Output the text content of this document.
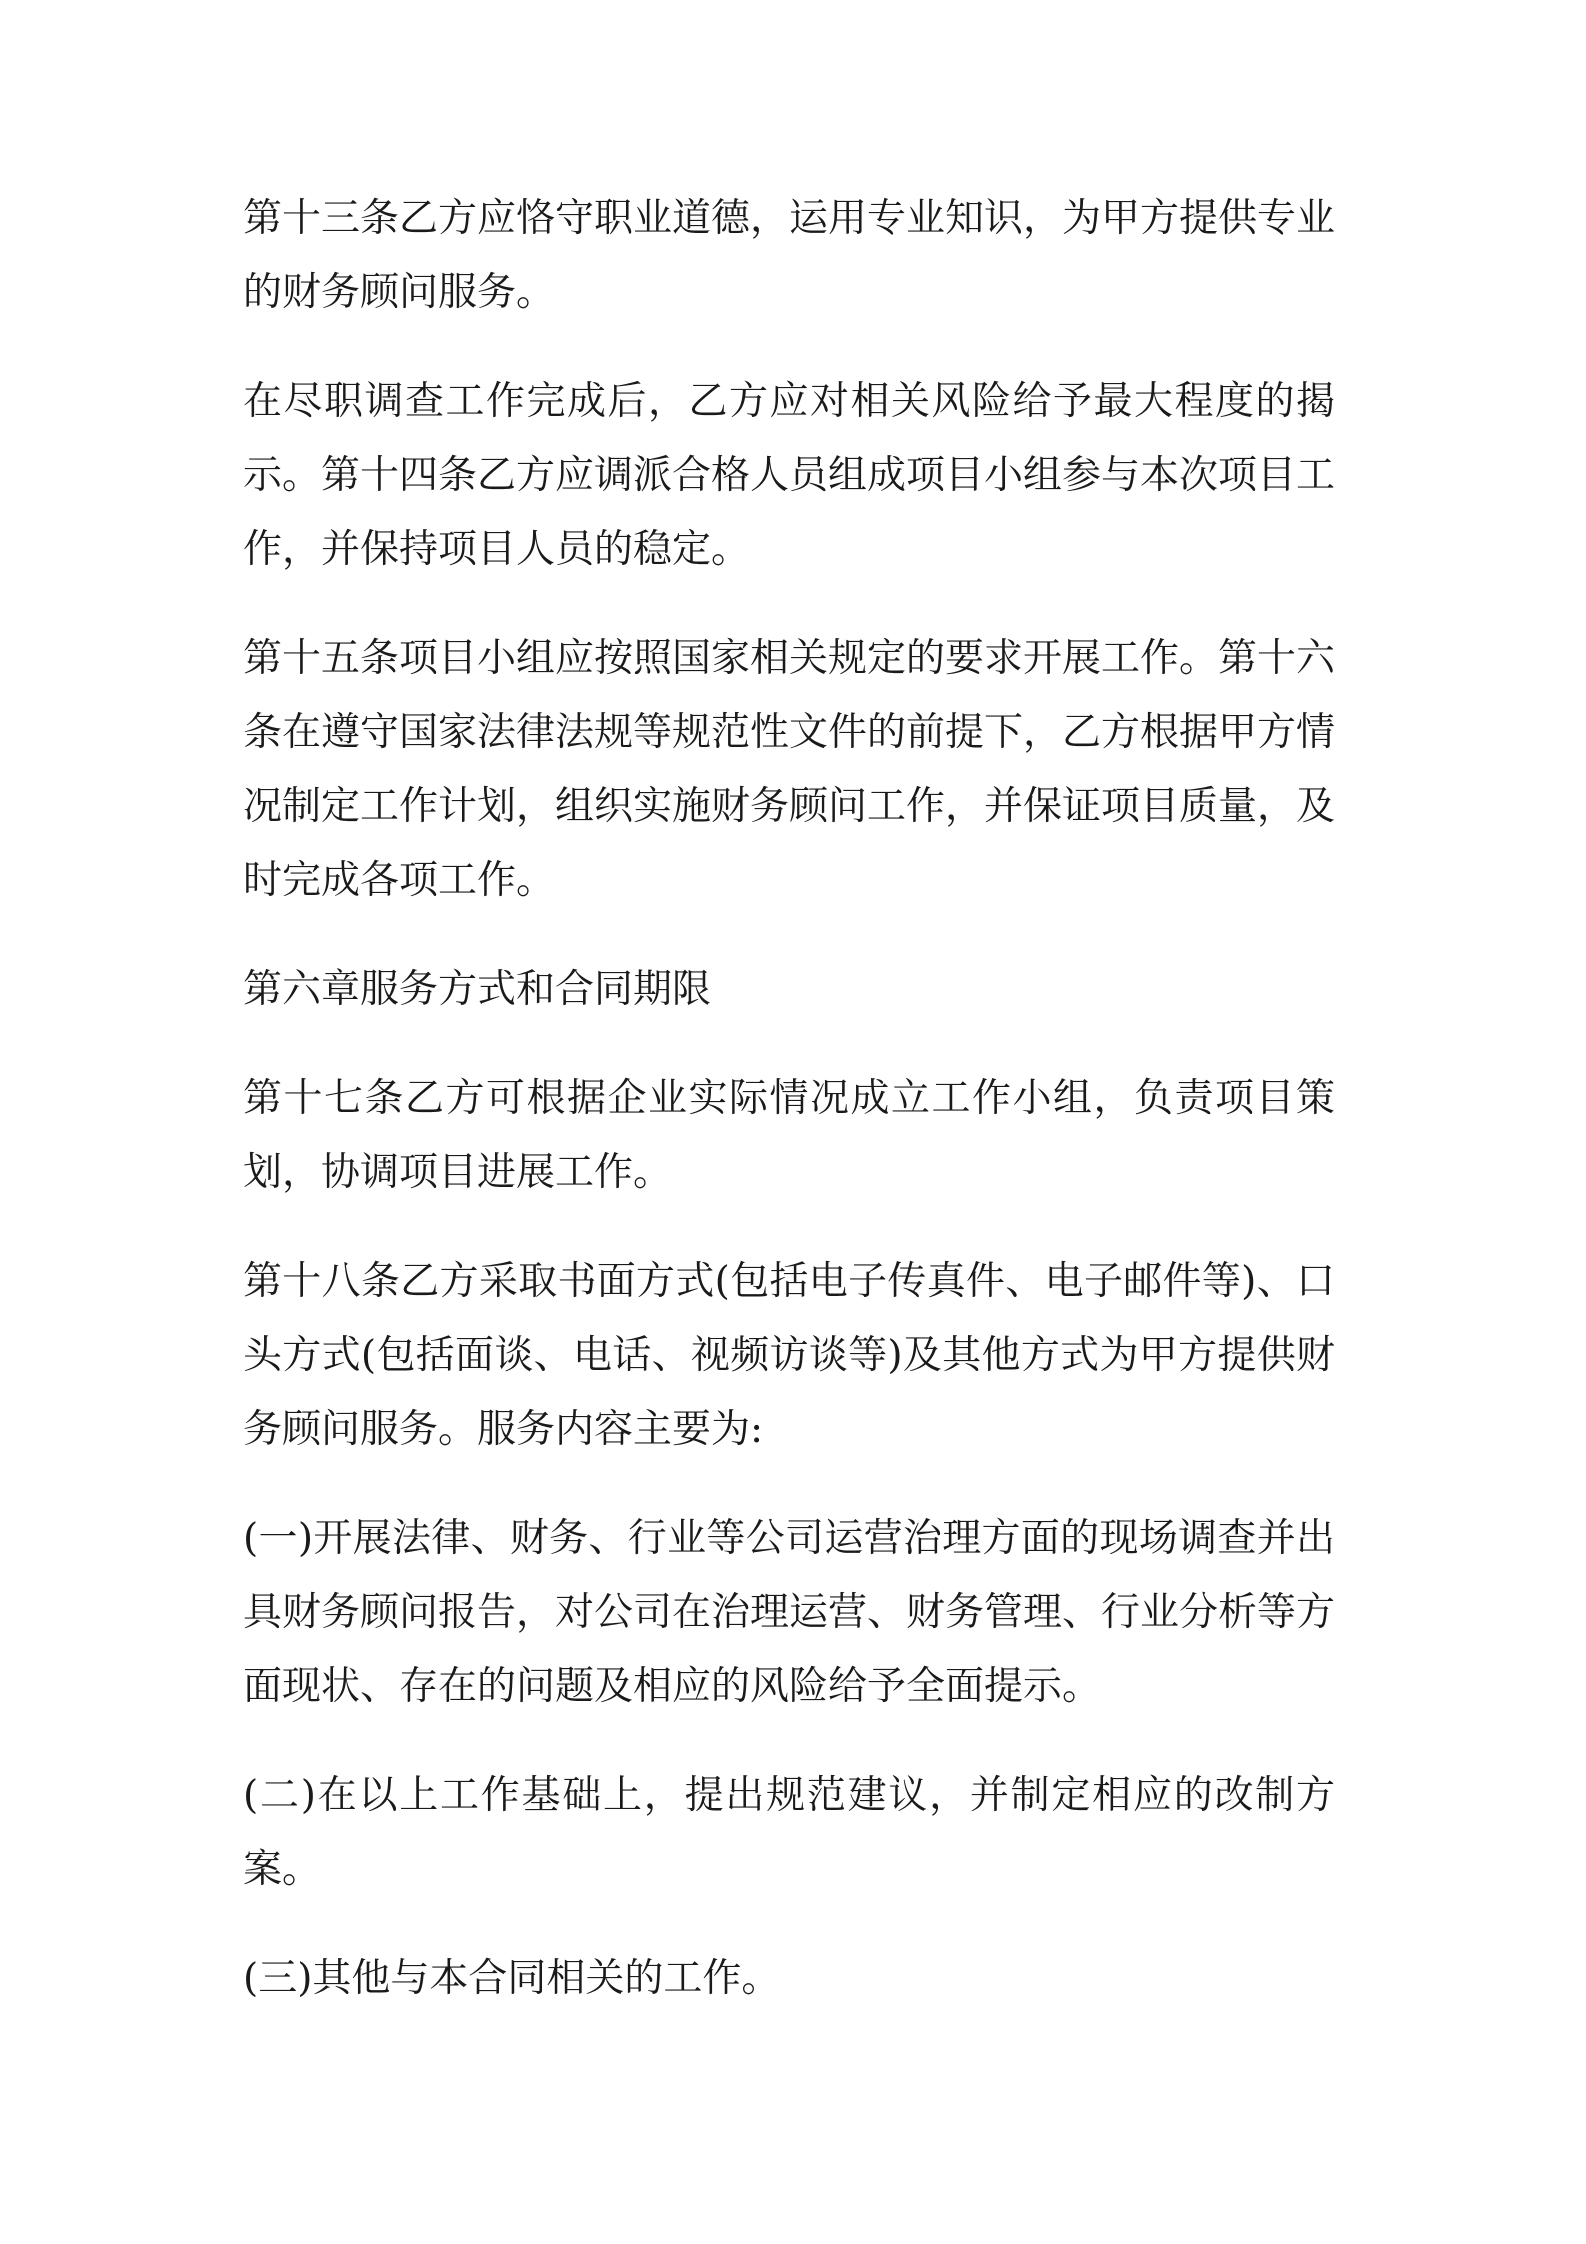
第十三条乙方应恪守职业道德，运用专业知识，为甲方提供专业的财务顾问服务。

在尽职调查工作完成后，乙方应对相关风险给予最大程度的揭示。第十四条乙方应调派合格人员组成项目小组参与本次项目工作，并保持项目人员的稳定。

第十五条项目小组应按照国家相关规定的要求开展工作。第十六条在遵守国家法律法规等规范性文件的前提下，乙方根据甲方情况制定工作计划，组织实施财务顾问工作，并保证项目质量，及时完成各项工作。

第六章服务方式和合同期限

第十七条乙方可根据企业实际情况成立工作小组，负责项目策划，协调项目进展工作。

第十八条乙方采取书面方式(包括电子传真件、电子邮件等)、口头方式(包括面谈、电话、视频访谈等)及其他方式为甲方提供财务顾问服务。服务内容主要为:

(一)开展法律、财务、行业等公司运营治理方面的现场调查并出具财务顾问报告，对公司在治理运营、财务管理、行业分析等方面现状、存在的问题及相应的风险给予全面提示。

(二)在以上工作基础上，提出规范建议，并制定相应的改制方案。

(三)其他与本合同相关的工作。
